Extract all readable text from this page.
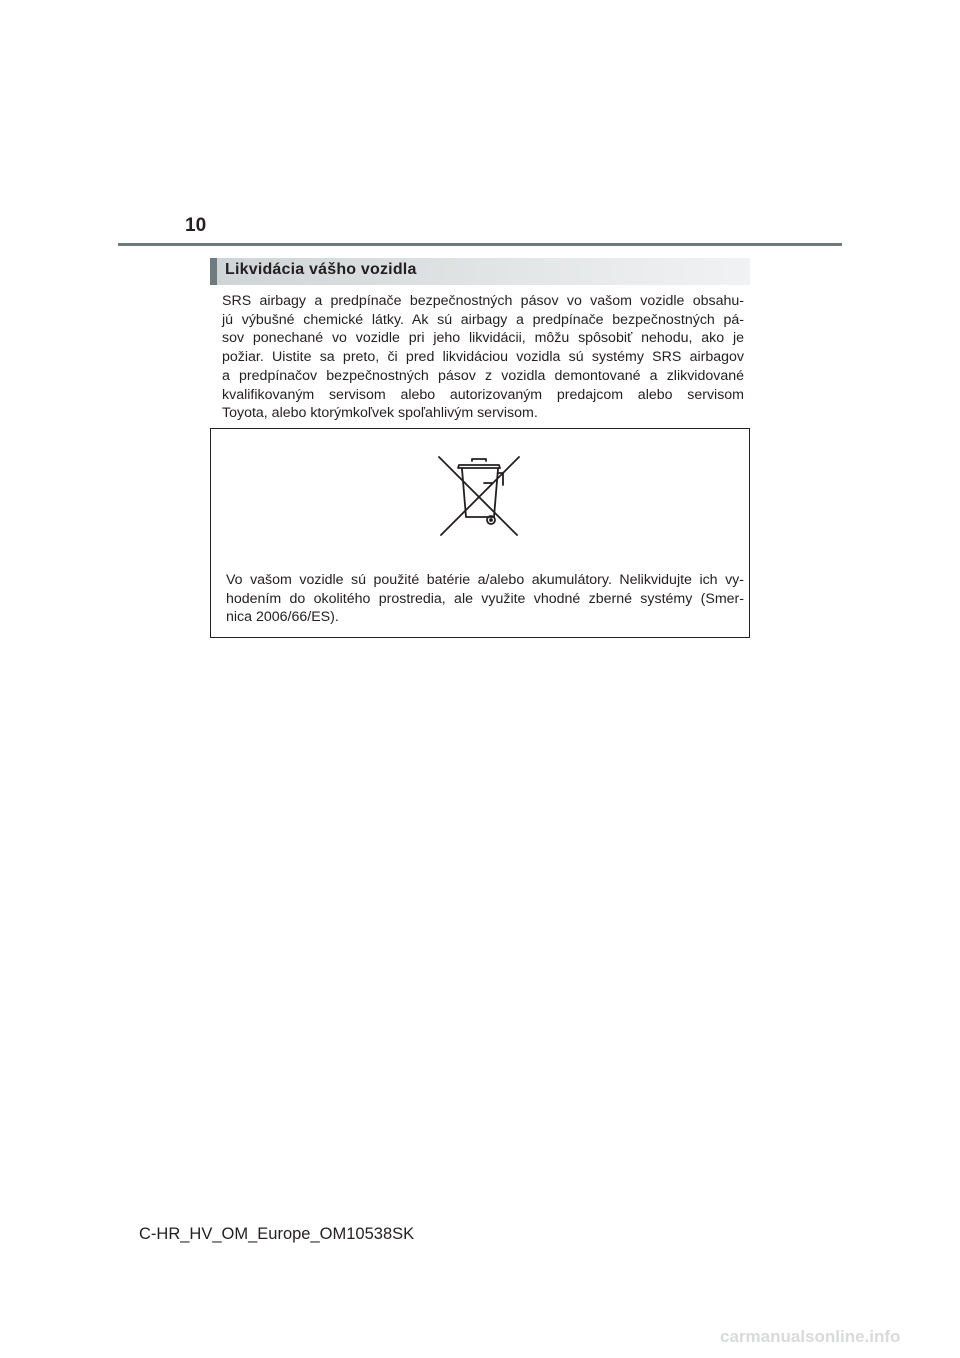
10
Likvidácia vášho vozidla
SRS airbagy a predpínače bezpečnostných pásov vo vašom vozidle obsahu-
jú výbušné chemické látky. Ak sú airbagy a predpínače bezpečnostných pá-
sov ponechané vo vozidle pri jeho likvidácii, môžu spôsobiť nehodu, ako je
požiar. Uistite sa preto, či pred likvidáciou vozidla sú systémy SRS airbagov
a predpínačov bezpečnostných pásov z vozidla demontované a zlikvidované
kvalifikovaným servisom alebo autorizovaným predajcom alebo servisom
Toyota, alebo ktorýmkoľvek spoľahlivým servisom.
Vo vašom vozidle sú použité batérie a/alebo akumulátory. Nelikvidujte ich vy-
hodením do okolitého prostredia, ale využite vhodné zberné systémy (Smer-
nica 2006/66/ES).
C-HR_HV_OM_Europe_OM10538SK
carmanualsonline.info
